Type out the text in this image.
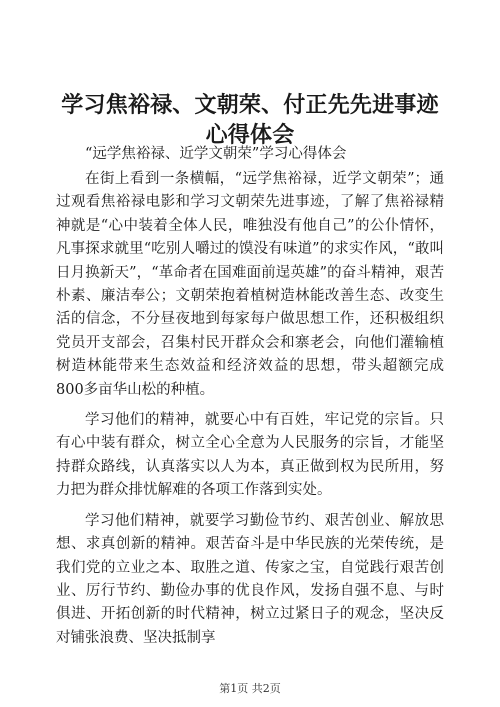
学习焦裕禄、文朝荣、付正先先进事迹心得体会

“远学焦裕禄、近学文朝荣”学习心得体会

在街上看到一条横幅，“远学焦裕禄，近学文朝荣”；通过观看焦裕禄电影和学习文朝荣先进事迹，了解了焦裕禄精神就是“心中装着全体人民，唯独没有他自己”的公仆情怀，凡事探求就里“吃别人嚼过的馍没有味道”的求实作风，“敢叫日月换新天”，“革命者在国难面前逞英雄”的奋斗精神，艰苦朴素、廉洁奉公；文朝荣抱着植树造林能改善生态、改变生活的信念，不分昼夜地到每家每户做思想工作，还积极组织党员开支部会，召集村民开群众会和寨老会，向他们灌输植树造林能带来生态效益和经济效益的思想，带头超额完成800多亩华山松的种植。

学习他们的精神，就要心中有百姓，牢记党的宗旨。只有心中装有群众，树立全心全意为人民服务的宗旨，才能坚持群众路线，认真落实以人为本，真正做到权为民所用，努力把为群众排忧解难的各项工作落到实处。

学习他们精神，就要学习勤俭节约、艰苦创业、解放思想、求真创新的精神。艰苦奋斗是中华民族的光荣传统，是我们党的立业之本、取胜之道、传家之宝，自觉践行艰苦创业、厉行节约、勤俭办事的优良作风，发扬自强不息、与时俱进、开拓创新的时代精神，树立过紧日子的观念，坚决反对铺张浪费、坚决抵制享

第1页 共2页
